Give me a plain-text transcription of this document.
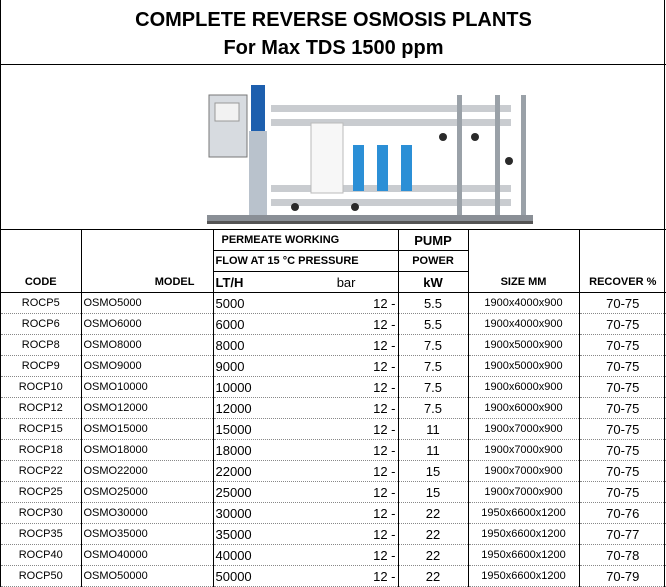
COMPLETE REVERSE OSMOSIS PLANTS
For Max TDS 1500 ppm
		PERMEATE WORKING	PUMP		
		FLOW AT 15 °C PRESSURE	POWER		
CODE	MODEL	LT/H bar	kW	SIZE MM	RECOVER %
ROCP5	OSMO5000	5000 12 -	5.5	1900x4000x900	70-75
ROCP6	OSMO6000	6000 12 -	5.5	1900x4000x900	70-75
ROCP8	OSMO8000	8000 12 -	7.5	1900x5000x900	70-75
ROCP9	OSMO9000	9000 12 -	7.5	1900x5000x900	70-75
ROCP10	OSMO10000	10000 12 -	7.5	1900x6000x900	70-75
ROCP12	OSMO12000	12000 12 -	7.5	1900x6000x900	70-75
ROCP15	OSMO15000	15000 12 -	11	1900x7000x900	70-75
ROCP18	OSMO18000	18000 12 -	11	1900x7000x900	70-75
ROCP22	OSMO22000	22000 12 -	15	1900x7000x900	70-75
ROCP25	OSMO25000	25000 12 -	15	1900x7000x900	70-75
ROCP30	OSMO30000	30000 12 -	22	1950x6600x1200	70-76
ROCP35	OSMO35000	35000 12 -	22	1950x6600x1200	70-77
ROCP40	OSMO40000	40000 12 -	22	1950x6600x1200	70-78
ROCP50	OSMO50000	50000 12 -	22	1950x6600x1200	70-79
